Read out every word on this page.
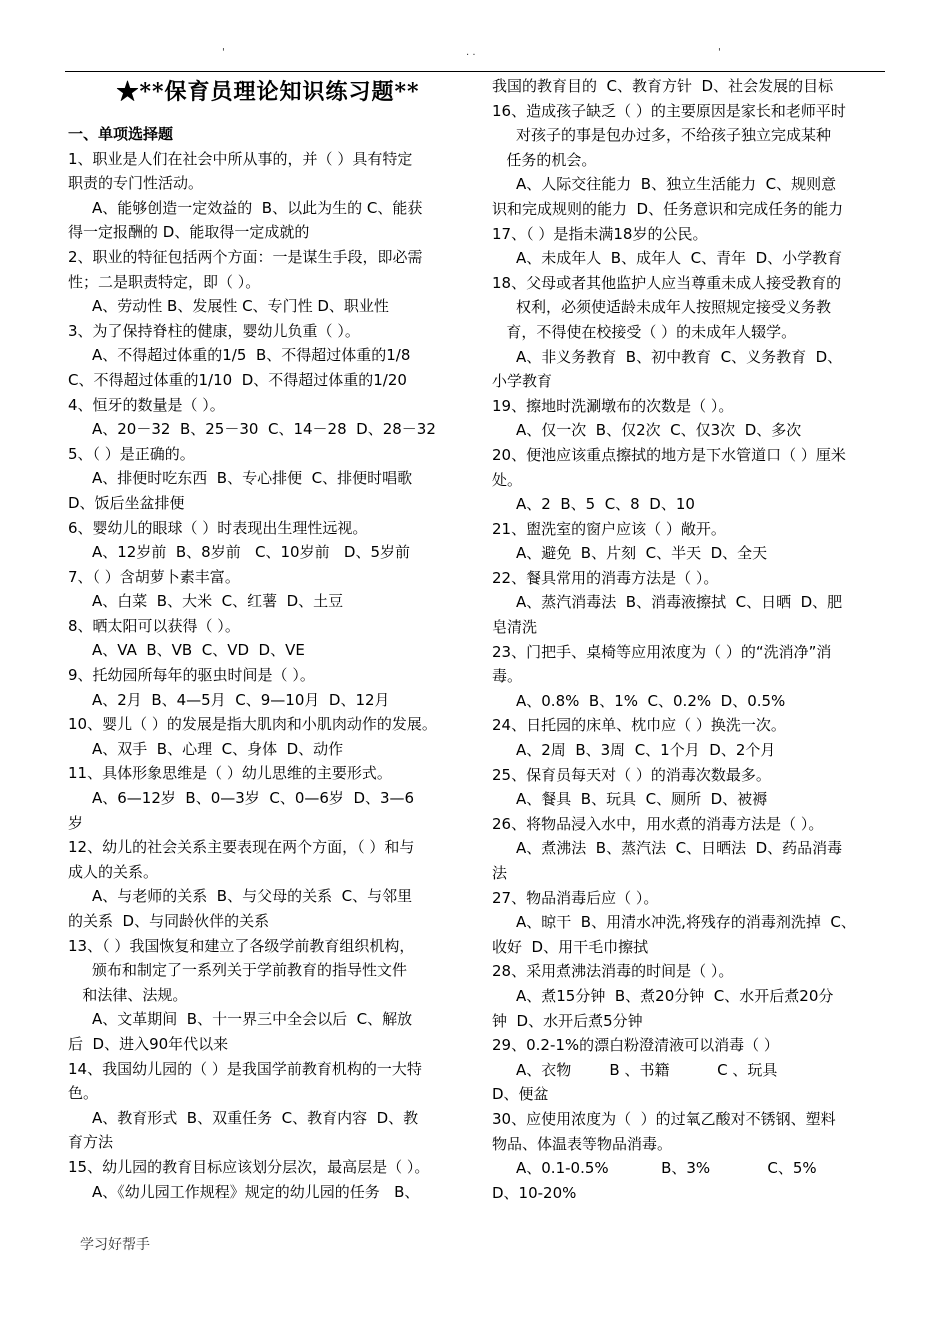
'	. .	'
★**保育员理论知识练习题**
一、单项选择题

1、职业是人们在社会中所从事的，并（ ）具有特定

职责的专门性活动。

A、能够创造一定效益的  B、以此为生的 C、能获

得一定报酬的 D、能取得一定成就的

2、职业的特征包括两个方面：一是谋生手段，即必需

性；二是职责特定，即（ ）。

A、劳动性 B、发展性 C、专门性 D、职业性

3、为了保持脊柱的健康，婴幼儿负重（ ）。

A、不得超过体重的1/5  B、不得超过体重的1/8

C、不得超过体重的1/10  D、不得超过体重的1/20

4、恒牙的数量是（ ）。

A、20－32  B、25－30  C、14－28  D、28－32

5、（ ）是正确的。

A、排便时吃东西  B、专心排便  C、排便时唱歌

D、饭后坐盆排便

6、婴幼儿的眼球（ ）时表现出生理性远视。

A、12岁前  B、8岁前   C、10岁前   D、5岁前

7、（ ）含胡萝卜素丰富。

A、白菜  B、大米  C、红薯  D、土豆

8、晒太阳可以获得（ ）。

A、VA  B、VB  C、VD  D、VE

9、托幼园所每年的驱虫时间是（ ）。

A、2月  B、4—5月  C、9—10月  D、12月

10、婴儿（ ）的发展是指大肌肉和小肌肉动作的发展。

A、双手  B、心理  C、身体  D、动作

11、具体形象思维是（ ）幼儿思维的主要形式。

A、6—12岁  B、0—3岁  C、0—6岁  D、3—6

岁

12、幼儿的社会关系主要表现在两个方面，（ ）和与

成人的关系。

A、与老师的关系  B、与父母的关系  C、与邻里

的关系  D、与同龄伙伴的关系

13、（ ）我国恢复和建立了各级学前教育组织机构，

颁布和制定了一系列关于学前教育的指导性文件

和法律、法规。

A、文革期间  B、十一界三中全会以后  C、解放

后  D、进入90年代以来

14、我国幼儿园的（ ）是我国学前教育机构的一大特

色。

A、教育形式  B、双重任务  C、教育内容  D、教

育方法

15、幼儿园的教育目标应该划分层次，最高层是（ ）。

A、《幼儿园工作规程》规定的幼儿园的任务   B、

我国的教育目的  C、教育方针  D、社会发展的目标

16、造成孩子缺乏（ ）的主要原因是家长和老师平时

对孩子的事是包办过多，不给孩子独立完成某种

任务的机会。

A、人际交往能力  B、独立生活能力  C、规则意

识和完成规则的能力  D、任务意识和完成任务的能力

17、（ ）是指未满18岁的公民。

A、未成年人  B、成年人  C、青年  D、小学教育

18、父母或者其他监护人应当尊重未成人接受教育的

权利，必须使适龄未成年人按照规定接受义务教

育，不得使在校接受（ ）的未成年人辍学。

A、非义务教育  B、初中教育  C、义务教育  D、

小学教育

19、擦地时洗涮墩布的次数是（ ）。

A、仅一次  B、仅2次  C、仅3次  D、多次

20、便池应该重点擦拭的地方是下水管道口（ ）厘米

处。

A、2  B、5  C、8  D、10

21、盥洗室的窗户应该（ ）敞开。

A、避免  B、片刻  C、半天  D、全天

22、餐具常用的消毒方法是（ ）。

A、蒸汽消毒法  B、消毒液擦拭  C、日晒  D、肥

皂清洗

23、门把手、桌椅等应用浓度为（ ）的“洗消净”消

毒。

A、0.8%  B、1%  C、0.2%  D、0.5%

24、日托园的床单、枕巾应（ ）换洗一次。

A、2周  B、3周  C、1个月  D、2个月

25、保育员每天对（ ）的消毒次数最多。

A、餐具  B、玩具  C、厕所  D、被褥

26、将物品浸入水中，用水煮的消毒方法是（ ）。

A、煮沸法  B、蒸汽法  C、日晒法  D、药品消毒

法

27、物品消毒后应（ ）。

A、晾干  B、用清水冲洗,将残存的消毒剂洗掉  C、

收好  D、用干毛巾擦拭

28、采用煮沸法消毒的时间是（ ）。

A、煮15分钟  B、煮20分钟  C、水开后煮20分

钟  D、水开后煮5分钟

29、0.2-1%的漂白粉澄清液可以消毒（ ）

A、衣物        B 、书籍          C 、玩具

D、便盆

30、应使用浓度为（  ）的过氧乙酸对不锈钢、塑料

物品、体温表等物品消毒。

A、0.1-0.5%           B、3%            C、5%

D、10-20%

学习好帮手
